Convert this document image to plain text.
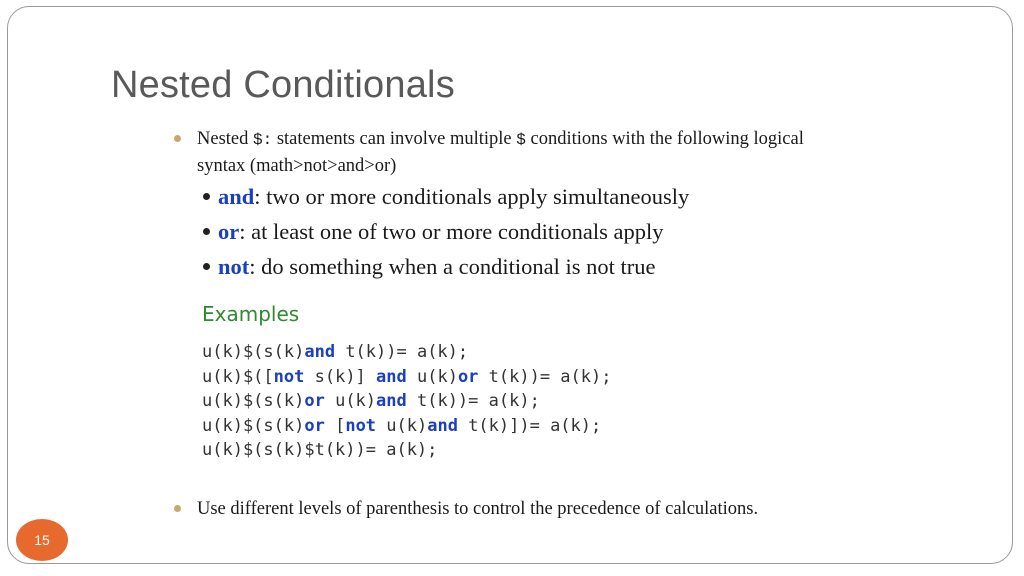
Nested Conditionals
Nested $: statements can involve multiple $ conditions with the following logical syntax (math>not>and>or)
and: two or more conditionals apply simultaneously
or: at least one of two or more conditionals apply
not: do something when a conditional is not true
Examples
u(k)$(s(k)and t(k))= a(k);
u(k)$([not s(k)] and u(k)or t(k))= a(k);
u(k)$(s(k)or u(k)and t(k))= a(k);
u(k)$(s(k)or [not u(k)and t(k)])= a(k);
u(k)$(s(k)$t(k))= a(k);
Use different levels of parenthesis to control the precedence of calculations.
15
